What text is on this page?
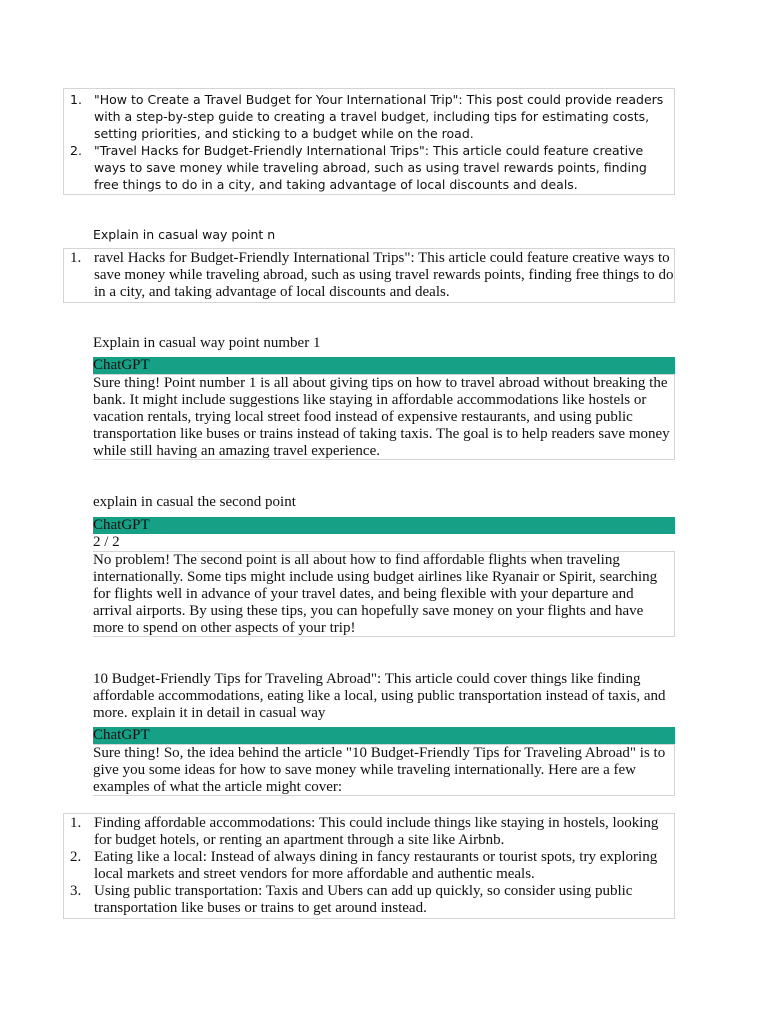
1. "How to Create a Travel Budget for Your International Trip": This post could provide readers with a step-by-step guide to creating a travel budget, including tips for estimating costs, setting priorities, and sticking to a budget while on the road.
2. "Travel Hacks for Budget-Friendly International Trips": This article could feature creative ways to save money while traveling abroad, such as using travel rewards points, finding free things to do in a city, and taking advantage of local discounts and deals.
Explain in casual way point n
1. ravel Hacks for Budget-Friendly International Trips": This article could feature creative ways to save money while traveling abroad, such as using travel rewards points, finding free things to do in a city, and taking advantage of local discounts and deals.
Explain in casual way point number 1
ChatGPT
Sure thing! Point number 1 is all about giving tips on how to travel abroad without breaking the bank. It might include suggestions like staying in affordable accommodations like hostels or vacation rentals, trying local street food instead of expensive restaurants, and using public transportation like buses or trains instead of taking taxis. The goal is to help readers save money while still having an amazing travel experience.
explain in casual the second point
ChatGPT
2 / 2
No problem! The second point is all about how to find affordable flights when traveling internationally. Some tips might include using budget airlines like Ryanair or Spirit, searching for flights well in advance of your travel dates, and being flexible with your departure and arrival airports. By using these tips, you can hopefully save money on your flights and have more to spend on other aspects of your trip!
10 Budget-Friendly Tips for Traveling Abroad": This article could cover things like finding affordable accommodations, eating like a local, using public transportation instead of taxis, and more. explain it in detail in casual way
ChatGPT
Sure thing! So, the idea behind the article "10 Budget-Friendly Tips for Traveling Abroad" is to give you some ideas for how to save money while traveling internationally. Here are a few examples of what the article might cover:
1. Finding affordable accommodations: This could include things like staying in hostels, looking for budget hotels, or renting an apartment through a site like Airbnb.
2. Eating like a local: Instead of always dining in fancy restaurants or tourist spots, try exploring local markets and street vendors for more affordable and authentic meals.
3. Using public transportation: Taxis and Ubers can add up quickly, so consider using public transportation like buses or trains to get around instead.
